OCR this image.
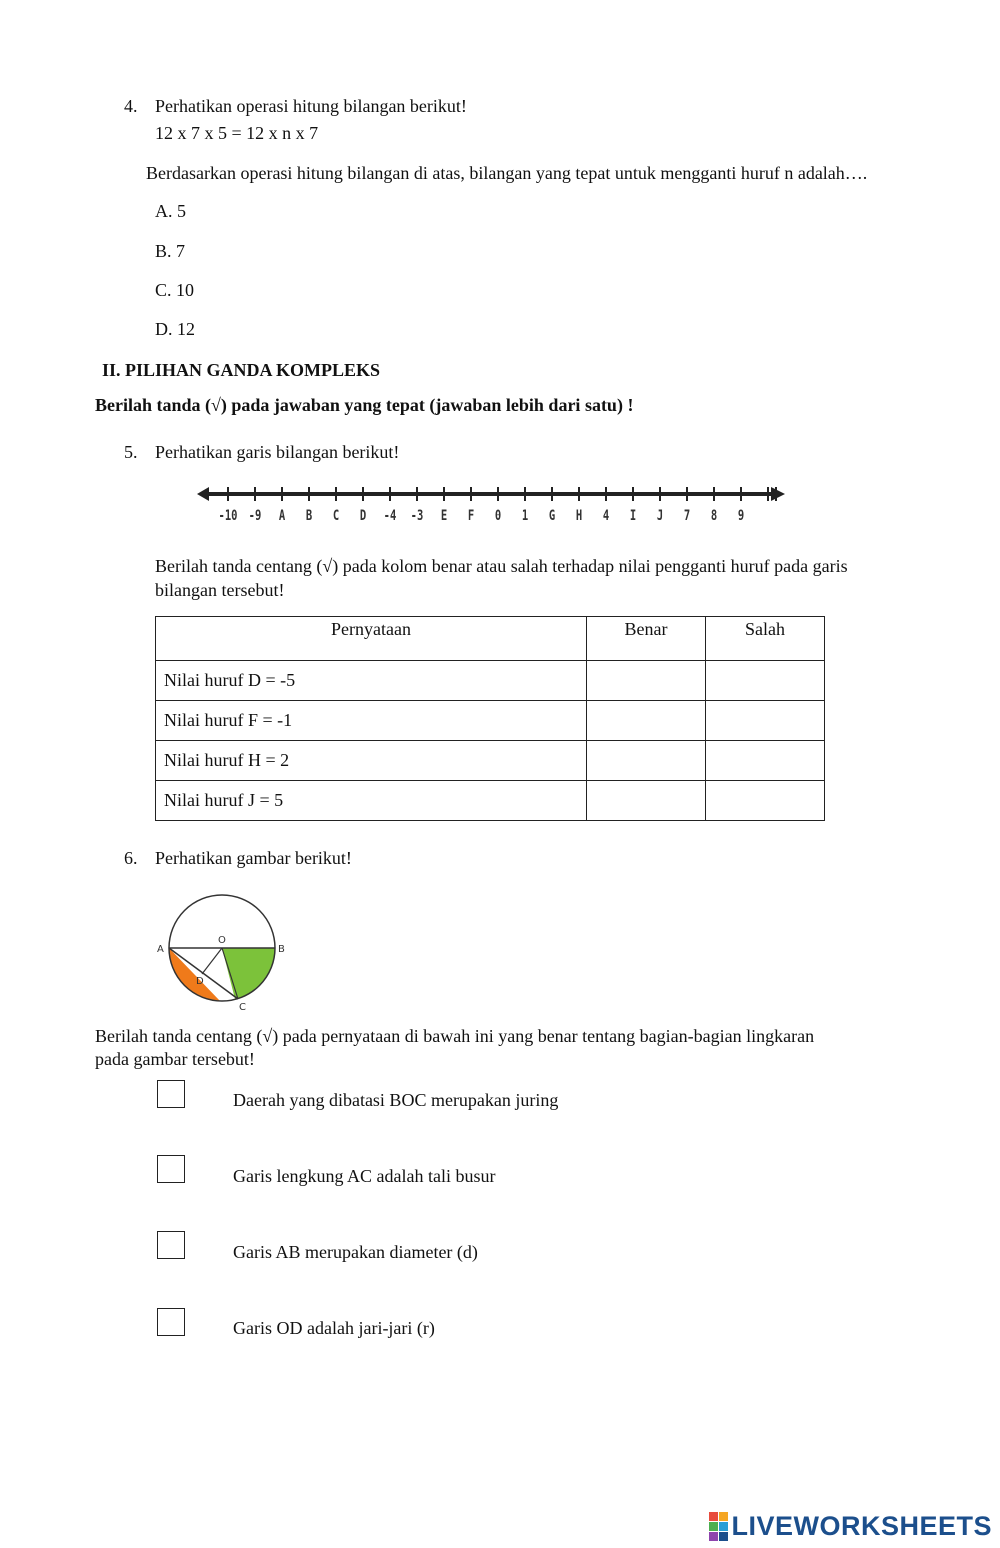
4. Perhatikan operasi hitung bilangan berikut!
12 x 7 x 5 = 12 x n x 7
Berdasarkan operasi hitung bilangan di atas, bilangan yang tepat untuk mengganti huruf n adalah….
A. 5
B. 7
C. 10
D. 12
II. PILIHAN GANDA KOMPLEKS
Berilah tanda (√) pada jawaban yang tepat (jawaban lebih dari satu) !
5. Perhatikan garis bilangan berikut!
-10 -9 A B C D -4 -3 E F 0 1 G H 4 I J 7 8 9
Berilah tanda centang (√) pada kolom benar atau salah terhadap nilai pengganti huruf pada garis
bilangan tersebut!
Pernyataan	Benar	Salah
Nilai huruf D = -5		
Nilai huruf F = -1		
Nilai huruf H = 2		
Nilai huruf J = 5		
6. Perhatikan gambar berikut!
A
O
B
D
C
Berilah tanda centang (√) pada pernyataan di bawah ini yang benar tentang bagian-bagian lingkaran
pada gambar tersebut!
Daerah yang dibatasi BOC merupakan juring
Garis lengkung AC adalah tali busur
Garis AB merupakan diameter (d)
Garis OD adalah jari-jari (r)
LIVEWORKSHEETS
